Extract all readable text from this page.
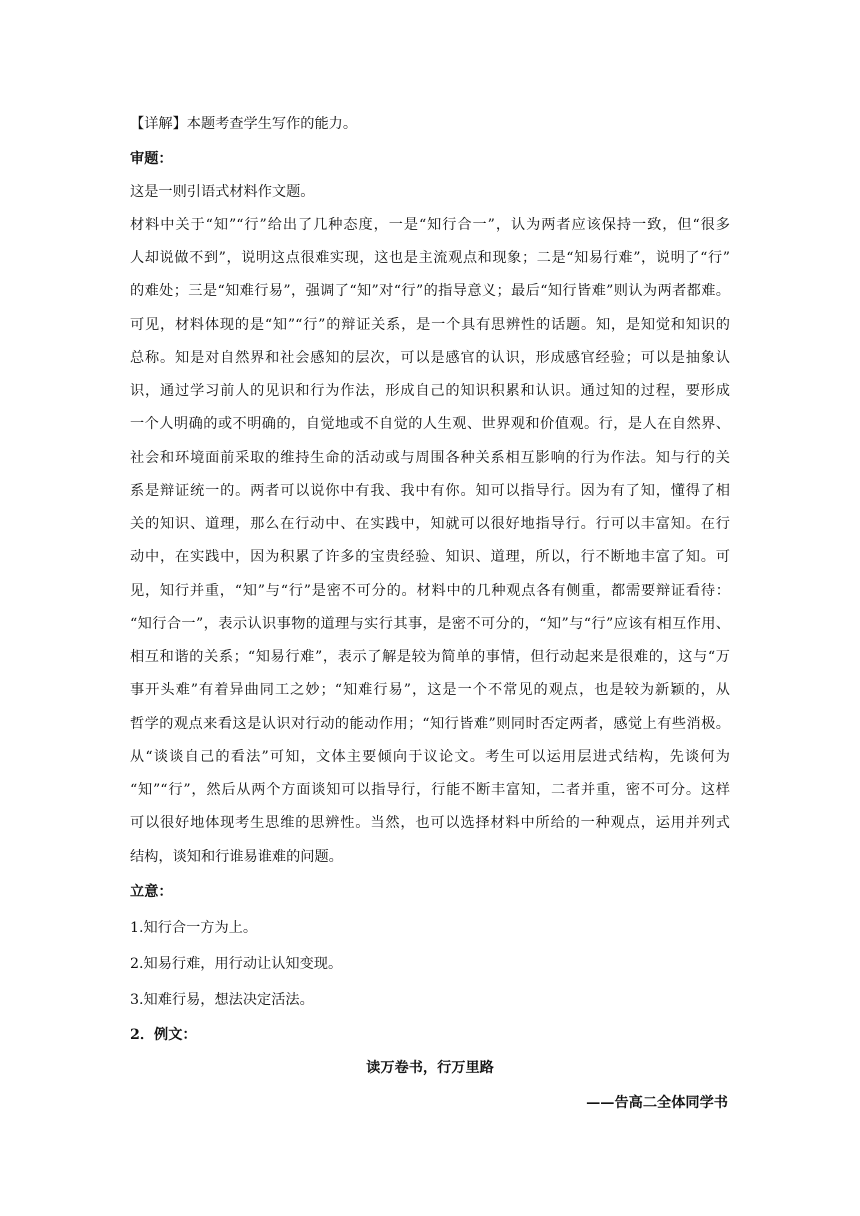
【详解】本题考查学生写作的能力。

审题：

这是一则引语式材料作文题。

材料中关于“知”“行”给出了几种态度，一是“知行合一”，认为两者应该保持一致，但“很多

人却说做不到”，说明这点很难实现，这也是主流观点和现象；二是“知易行难”，说明了“行”

的难处；三是“知难行易”，强调了“知”对“行”的指导意义；最后“知行皆难”则认为两者都难。

可见，材料体现的是“知”“行”的辩证关系，是一个具有思辨性的话题。知，是知觉和知识的

总称。知是对自然界和社会感知的层次，可以是感官的认识，形成感官经验；可以是抽象认

识，通过学习前人的见识和行为作法，形成自己的知识积累和认识。通过知的过程，要形成

一个人明确的或不明确的，自觉地或不自觉的人生观、世界观和价值观。行，是人在自然界、

社会和环境面前采取的维持生命的活动或与周围各种关系相互影响的行为作法。知与行的关

系是辩证统一的。两者可以说你中有我、我中有你。知可以指导行。因为有了知，懂得了相

关的知识、道理，那么在行动中、在实践中，知就可以很好地指导行。行可以丰富知。在行

动中，在实践中，因为积累了许多的宝贵经验、知识、道理，所以，行不断地丰富了知。可

见，知行并重，“知”与“行”是密不可分的。材料中的几种观点各有侧重，都需要辩证看待：

“知行合一”，表示认识事物的道理与实行其事，是密不可分的，“知”与“行”应该有相互作用、

相互和谐的关系；“知易行难”，表示了解是较为简单的事情，但行动起来是很难的，这与“万

事开头难”有着异曲同工之妙；“知难行易”，这是一个不常见的观点，也是较为新颖的，从

哲学的观点来看这是认识对行动的能动作用；“知行皆难”则同时否定两者，感觉上有些消极。

从“谈谈自己的看法”可知，文体主要倾向于议论文。考生可以运用层进式结构，先谈何为

“知”“行”，然后从两个方面谈知可以指导行，行能不断丰富知，二者并重，密不可分。这样

可以很好地体现考生思维的思辨性。当然，也可以选择材料中所给的一种观点，运用并列式

结构，谈知和行谁易谁难的问题。

立意：

1.知行合一方为上。

2.知易行难，用行动让认知变现。

3.知难行易，想法决定活法。

2．例文：

读万卷书，行万里路

——告高二全体同学书
